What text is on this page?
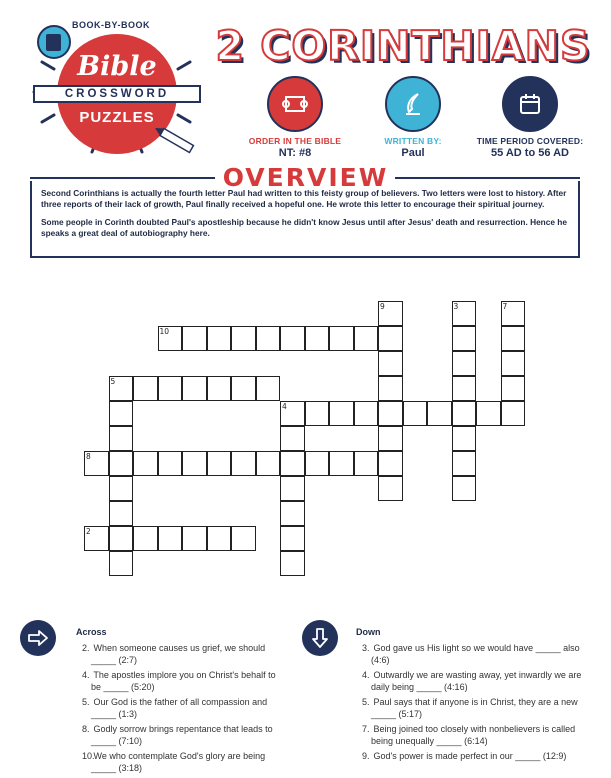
BOOK-BY-BOOK
Bible
CROSSWORD
PUZZLES
2 CORINTHIANS
ORDER IN THE BIBLE
NT: #8
WRITTEN BY:
Paul
TIME PERIOD COVERED:
55 AD to 56 AD
OVERVIEW

Second Corinthians is actually the fourth letter Paul had written to this feisty group of believers. Two letters were lost to history. After three reports of their lack of growth, Paul finally received a hopeful one. He wrote this letter to encourage their spiritual journey.

Some people in Corinth doubted Paul's apostleship because he didn't know Jesus until after Jesus' death and resurrection. Hence he speaks a great deal of autobiography here.

10
5
4
8
2
9	3	7
Across
2. When someone causes us grief, we should _____ (2:7)
4. The apostles implore you on Christ's behalf to be _____ (5:20)
5. Our God is the father of all compassion and _____ (1:3)
8. Godly sorrow brings repentance that leads to _____ (7:10)
10. We who contemplate God's glory are being _____ (3:18)
Down
3. God gave us His light so we would have _____ also (4:6)
4. Outwardly we are wasting away, yet inwardly we are daily being _____ (4:16)
5. Paul says that if anyone is in Christ, they are a new _____ (5:17)
7. Being joined too closely with nonbelievers is called being unequally _____ (6:14)
9. God's power is made perfect in our _____ (12:9)
